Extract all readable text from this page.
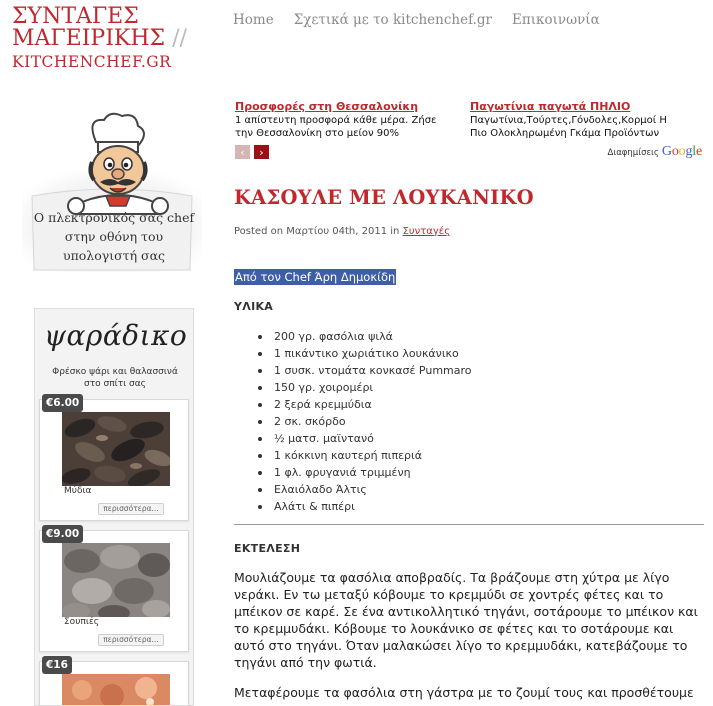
ΣΥΝΤΑΓΕΣ
ΜΑΓΕΙΡΙΚΗΣ //
KITCHENCHEF.GR
Home Σχετικά με το kitchenchef.gr Επικοινωνία
Προσφορές στη Θεσσαλονίκη
1 απίστευτη προσφορά κάθε μέρα. Ζήσε
την Θεσσαλονίκη στο μείον 90%
Παγωτίνια παγωτά ΠΗΛΙΟ
Παγωτίνια,Τούρτες,Γόνδολες,Κορμοί Η
Πιο Ολοκληρωμένη Γκάμα Προϊόντων
‹	›	Διαφημίσεις Google
Ο πλεκτρονικός σας chef
στην οθόνη του
υπολογιστή σας
ψαράδικο
Φρέσκο ψάρι και θαλασσινά
στο σπίτι σας
Μύδια
περισσότερα...
€6.00
Σουπιές
περισσότερα...
€9.00
€16
ΚΑΣΟΥΛΕ ΜΕ ΛΟΥΚΑΝΙΚΟ
Posted on Μαρτίου 04th, 2011 in Συνταγές
Από τον Chef Άρη Δημοκίδη
ΥΛΙΚΑ
200 γρ. φασόλια ψιλά
1 πικάντικο χωριάτικο λουκάνικο
1 συσκ. ντομάτα κονκασέ Pummaro
150 γρ. χοιρομέρι
2 ξερά κρεμμύδια
2 σκ. σκόρδο
½ ματσ. μαϊντανό
1 κόκκινη καυτερή πιπεριά
1 φλ. φρυγανιά τριμμένη
Ελαιόλαδο Άλτις
Αλάτι & πιπέρι
ΕΚΤΕΛΕΣΗ

Μουλιάζουμε τα φασόλια αποβραδίς. Τα βράζουμε στη χύτρα με λίγο νεράκι. Εν τω μεταξύ κόβουμε το κρεμμύδι σε χοντρές φέτες και το μπέικον σε καρέ. Σε ένα αντικολλητικό τηγάνι, σοτάρουμε το μπέικον και το κρεμμυδάκι. Κόβουμε το λουκάνικο σε φέτες και το σοτάρουμε και αυτό στο τηγάνι. Όταν μαλακώσει λίγο το κρεμμυδάκι, κατεβάζουμε το τηγάνι από την φωτιά.

Μεταφέρουμε τα φασόλια στη γάστρα με το ζουμί τους και προσθέτουμε
